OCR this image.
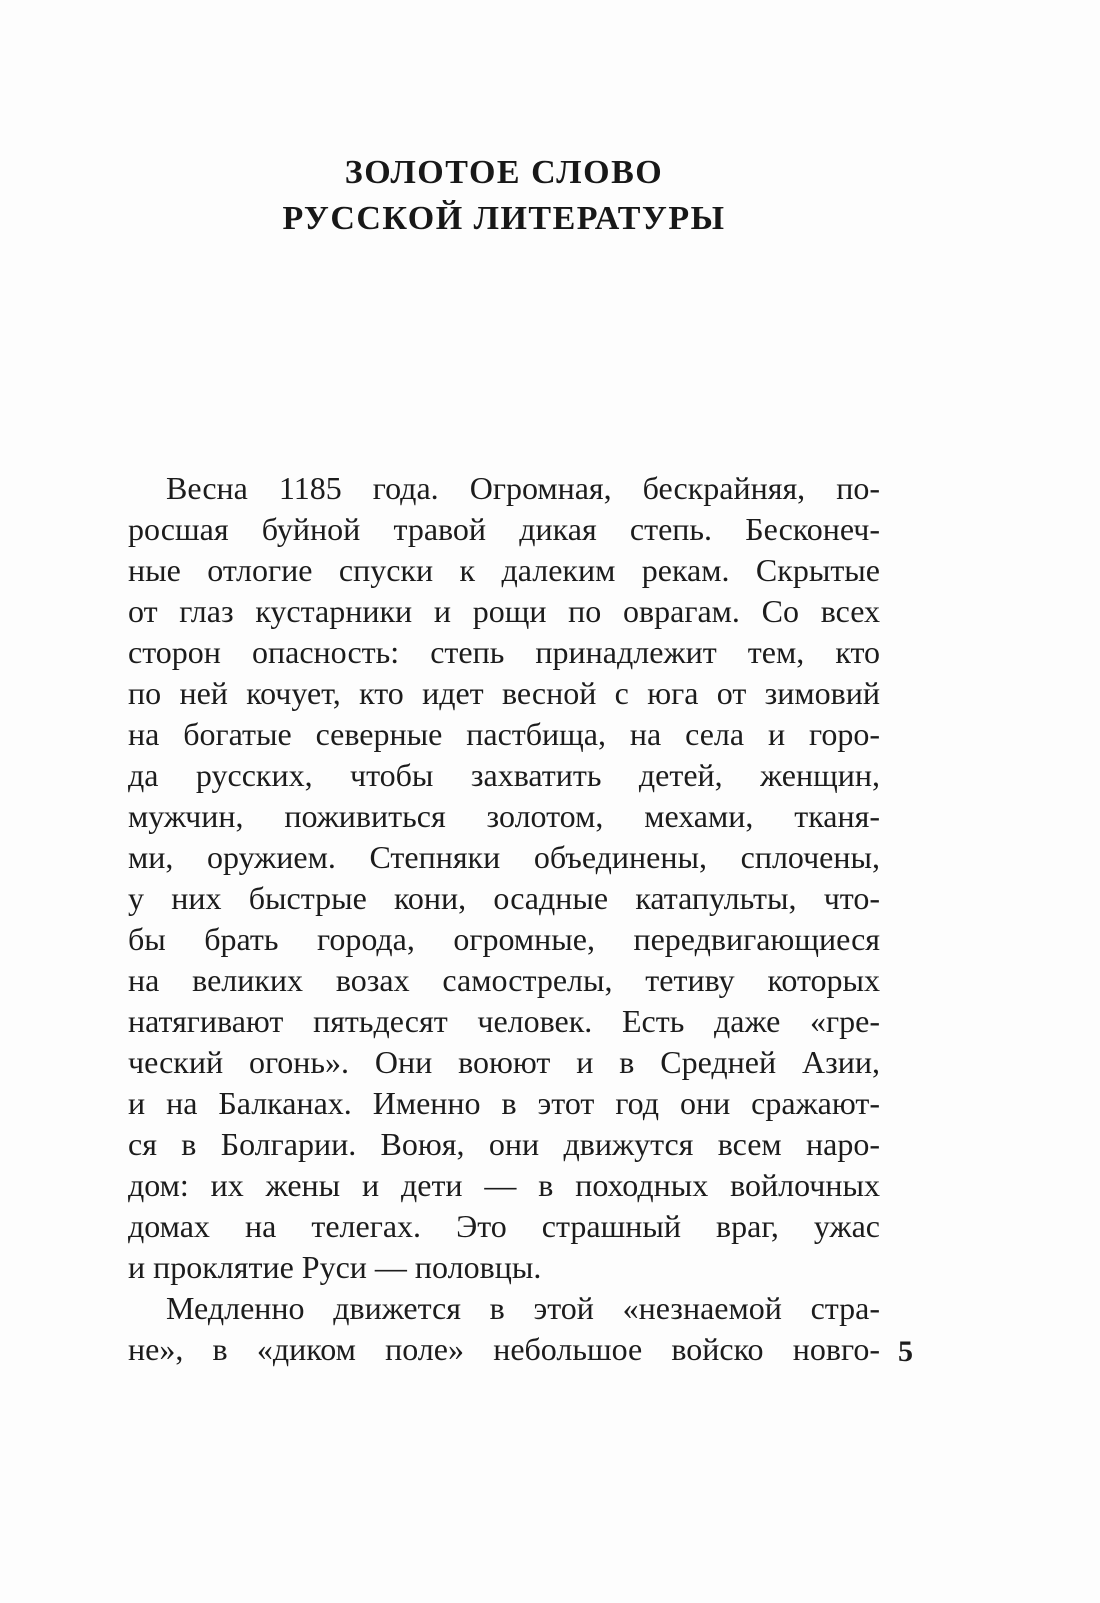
ЗОЛОТОЕ СЛОВО
РУССКОЙ ЛИТЕРАТУРЫ
Весна 1185 года. Огромная, бескрайняя, по-
росшая буйной травой дикая степь. Бесконеч-
ные отлогие спуски к далеким рекам. Скрытые
от глаз кустарники и рощи по оврагам. Со всех
сторон опасность: степь принадлежит тем, кто
по ней кочует, кто идет весной с юга от зимовий
на богатые северные пастбища, на села и горо-
да русских, чтобы захватить детей, женщин,
мужчин, поживиться золотом, мехами, тканя-
ми, оружием. Степняки объединены, сплочены,
у них быстрые кони, осадные катапульты, что-
бы брать города, огромные, передвигающиеся
на великих возах самострелы, тетиву которых
натягивают пятьдесят человек. Есть даже «гре-
ческий огонь». Они воюют и в Средней Азии,
и на Балканах. Именно в этот год они сражают-
ся в Болгарии. Воюя, они движутся всем наро-
дом: их жены и дети — в походных войлочных
домах на телегах. Это страшный враг, ужас
и проклятие Руси — половцы.
Медленно движется в этой «незнаемой стра-
не», в «диком поле» небольшое войско новго- 5
